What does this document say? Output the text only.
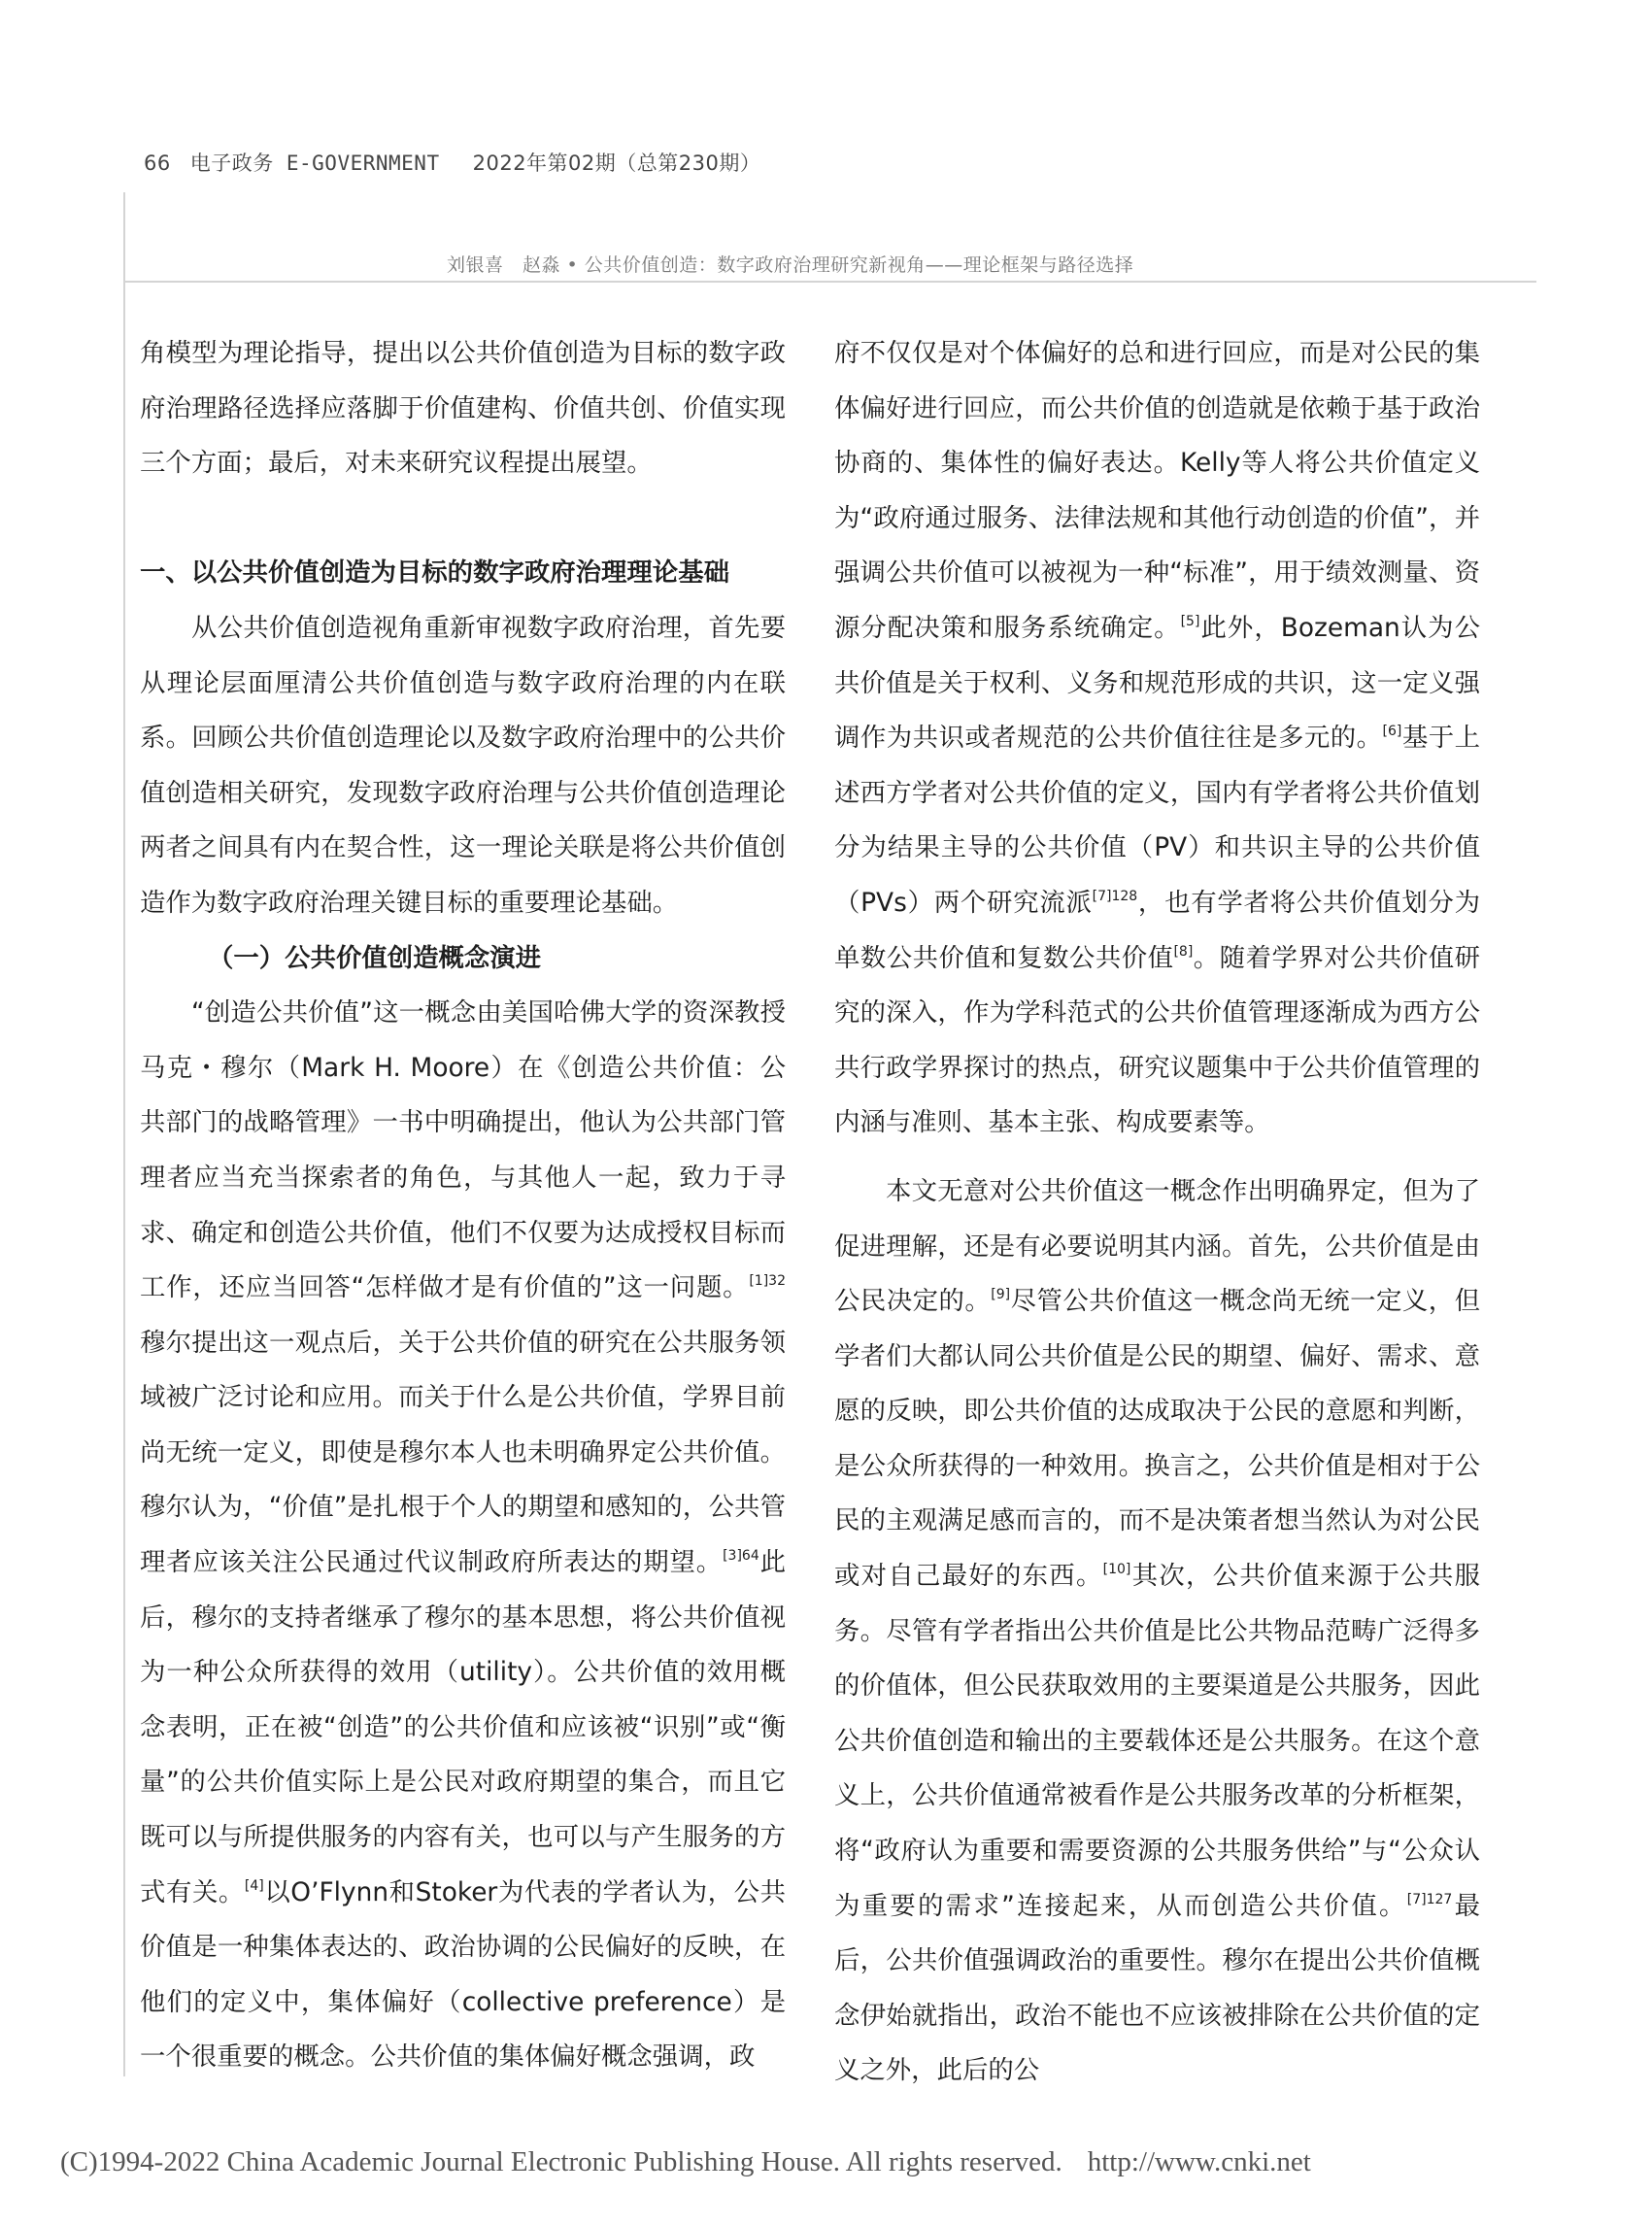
66 电子政务 E-GOVERNMENT 2022年第02期（总第230期）
刘银喜　赵淼 • 公共价值创造：数字政府治理研究新视角——理论框架与路径选择

角模型为理论指导，提出以公共价值创造为目标的数字政府治理路径选择应落脚于价值建构、价值共创、价值实现三个方面；最后，对未来研究议程提出展望。

一、以公共价值创造为目标的数字政府治理理论基础

从公共价值创造视角重新审视数字政府治理，首先要从理论层面厘清公共价值创造与数字政府治理的内在联系。回顾公共价值创造理论以及数字政府治理中的公共价值创造相关研究，发现数字政府治理与公共价值创造理论两者之间具有内在契合性，这一理论关联是将公共价值创造作为数字政府治理关键目标的重要理论基础。

（一）公共价值创造概念演进

“创造公共价值”这一概念由美国哈佛大学的资深教授马克・穆尔（Mark H. Moore）在《创造公共价值：公共部门的战略管理》一书中明确提出，他认为公共部门管理者应当充当探索者的角色，与其他人一起，致力于寻求、确定和创造公共价值，他们不仅要为达成授权目标而工作，还应当回答“怎样做才是有价值的”这一问题。$^{[1]32}$穆尔提出这一观点后，关于公共价值的研究在公共服务领域被广泛讨论和应用。而关于什么是公共价值，学界目前尚无统一定义，即使是穆尔本人也未明确界定公共价值。穆尔认为，“价值”是扎根于个人的期望和感知的，公共管理者应该关注公民通过代议制政府所表达的期望。$^{[3]64}$此后，穆尔的支持者继承了穆尔的基本思想，将公共价值视为一种公众所获得的效用（utility）。公共价值的效用概念表明，正在被“创造”的公共价值和应该被“识别”或“衡量”的公共价值实际上是公民对政府期望的集合，而且它既可以与所提供服务的内容有关，也可以与产生服务的方式有关。[4]以O’Flynn和Stoker为代表的学者认为，公共价值是一种集体表达的、政治协调的公民偏好的反映，在他们的定义中，集体偏好（collective preference）是一个很重要的概念。公共价值的集体偏好概念强调，政

府不仅仅是对个体偏好的总和进行回应，而是对公民的集体偏好进行回应，而公共价值的创造就是依赖于基于政治协商的、集体性的偏好表达。Kelly等人将公共价值定义为“政府通过服务、法律法规和其他行动创造的价值”，并强调公共价值可以被视为一种“标准”，用于绩效测量、资源分配决策和服务系统确定。[5]此外，Bozeman认为公共价值是关于权利、义务和规范形成的共识，这一定义强调作为共识或者规范的公共价值往往是多元的。[6]基于上述西方学者对公共价值的定义，国内有学者将公共价值划分为结果主导的公共价值（PV）和共识主导的公共价值（PVs）两个研究流派$^{[7]128}$，也有学者将公共价值划分为单数公共价值和复数公共价值[8]。随着学界对公共价值研究的深入，作为学科范式的公共价值管理逐渐成为西方公共行政学界探讨的热点，研究议题集中于公共价值管理的内涵与准则、基本主张、构成要素等。

本文无意对公共价值这一概念作出明确界定，但为了促进理解，还是有必要说明其内涵。首先，公共价值是由公民决定的。[9]尽管公共价值这一概念尚无统一定义，但学者们大都认同公共价值是公民的期望、偏好、需求、意愿的反映，即公共价值的达成取决于公民的意愿和判断，是公众所获得的一种效用。换言之，公共价值是相对于公民的主观满足感而言的，而不是决策者想当然认为对公民或对自己最好的东西。[10]其次，公共价值来源于公共服务。尽管有学者指出公共价值是比公共物品范畴广泛得多的价值体，但公民获取效用的主要渠道是公共服务，因此公共价值创造和输出的主要载体还是公共服务。在这个意义上，公共价值通常被看作是公共服务改革的分析框架，将“政府认为重要和需要资源的公共服务供给”与“公众认为重要的需求”连接起来，从而创造公共价值。$^{[7]127}$最后，公共价值强调政治的重要性。穆尔在提出公共价值概念伊始就指出，政治不能也不应该被排除在公共价值的定义之外，此后的公

(C)1994-2022 China Academic Journal Electronic Publishing House. All rights reserved. http://www.cnki.net
